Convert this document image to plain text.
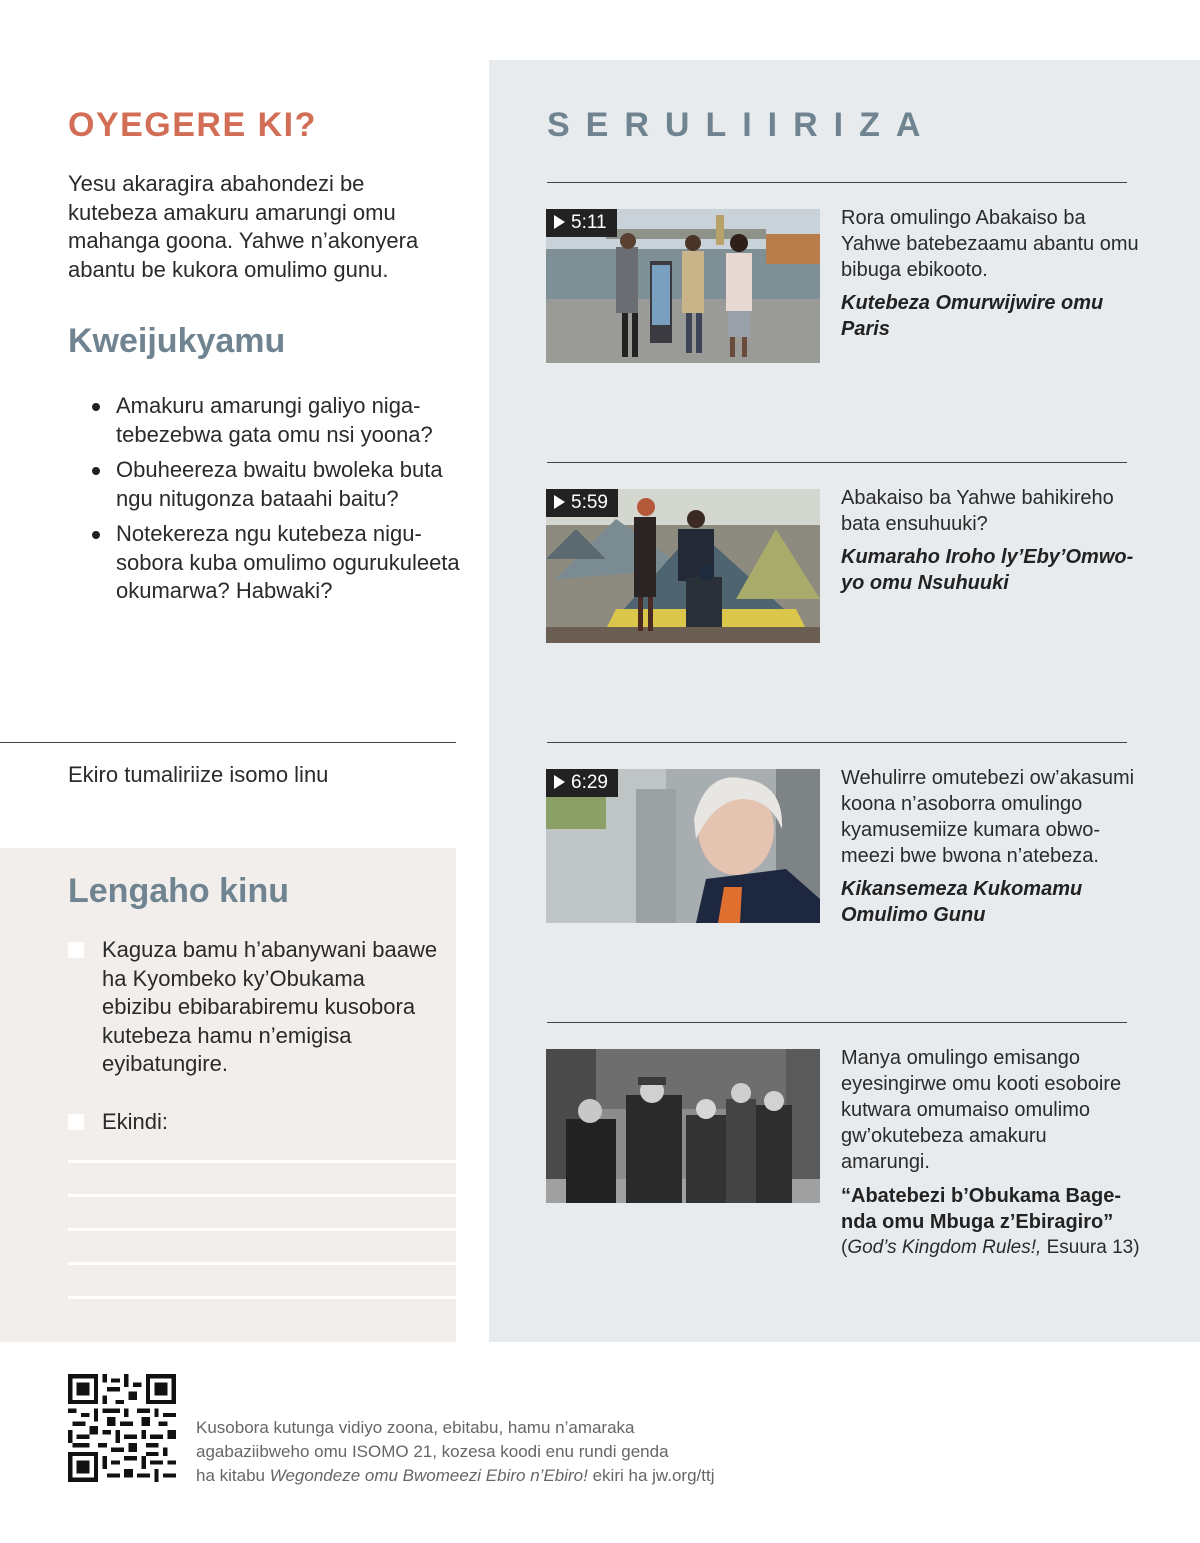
OYEGERE KI?

Yesu akaragira abahondezi be kutebeza amakuru amarungi omu mahanga goona. Yahwe n’akonyera abantu be kukora omulimo gunu.

Kweijukyamu
Amakuru amarungi galiyo nigatebezebwa gata omu nsi yoona?
Obuheereza bwaitu bwoleka buta ngu nitugonza bataahi baitu?
Notekereza ngu kutebeza nigusobora kuba omulimo ogurukuleeta okumarwa? Habwaki?
Ekiro tumaliriize isomo linu
Lengaho kinu
Kaguza bamu h’abanywani baawe ha Kyombeko ky’Obukama ebizibu ebibarabiremu kusobora kutebeza hamu n’emigisa eyibatungire.
Ekindi:
SERULIIRIZA
5:11	Rora omulingo Abakaiso ba Yahwe batebezaamu abantu omu bibuga ebikooto.

Kutebeza Omurwijwire omu Paris

5:59	Abakaiso ba Yahwe bahikireho bata ensuhuuki?

Kumaraho Iroho ly’Eby’Omwoyo omu Nsuhuuki

6:29	Wehulirre omutebezi ow’akasumi koona n’asoborra omulingo kyamusemiize kumara obwomeezi bwe bwona n’atebeza.

Kikansemeza Kukomamu Omulimo Gunu

Manya omulingo emisango eyesingirwe omu kooti esoboire kutwara omumaiso omulimo gw’okutebeza amakuru amarungi.

“Abatebezi b’Obukama Bagenda omu Mbuga z’Ebiragiro”

(God’s Kingdom Rules!, Esuura 13)

Kusobora kutunga vidiyo zoona, ebitabu, hamu n’amaraka
agabaziibweho omu ISOMO 21, kozesa koodi enu rundi genda
ha kitabu Wegondeze omu Bwomeezi Ebiro n’Ebiro! ekiri ha jw.org/ttj
